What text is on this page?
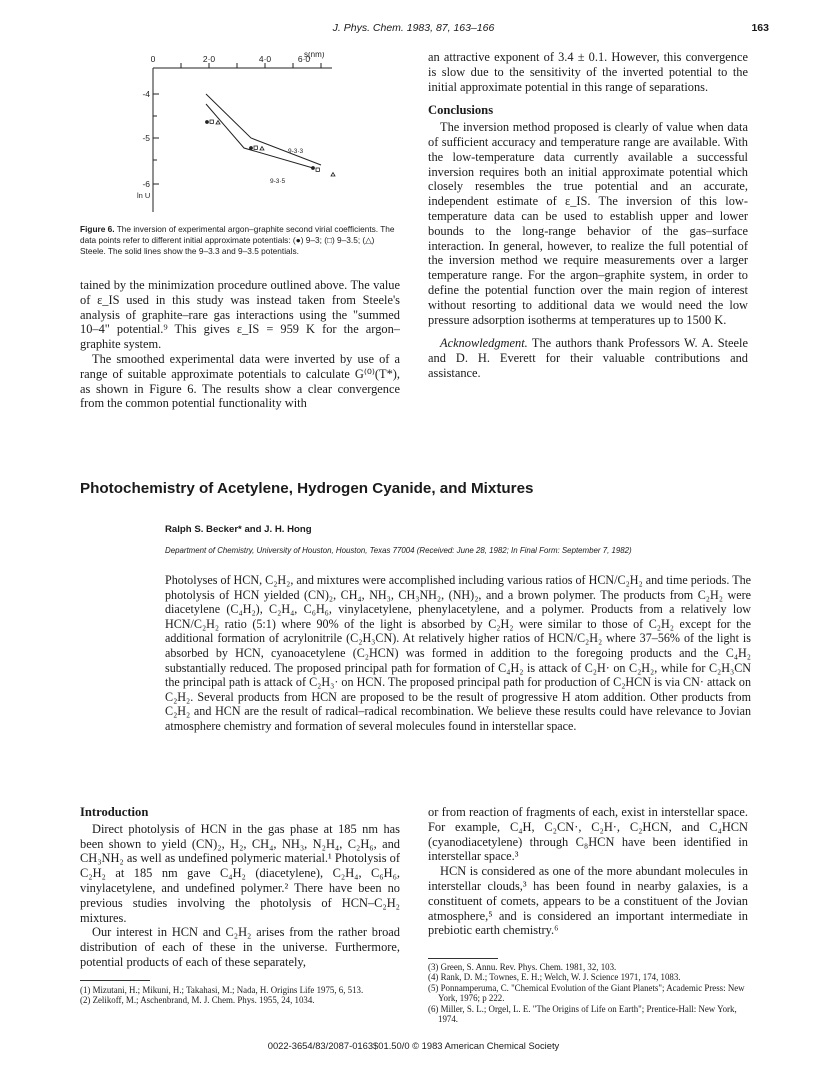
J. Phys. Chem. 1983, 87, 163–166	163
0	2·0	4·0	6·0
s(nm)
-4
-5
-6
ln U
9-3·3
9-3·5
Figure 6. The inversion of experimental argon–graphite second virial coefficients. The data points refer to different initial approximate potentials: (●) 9–3; (□) 9–3.5; (△) Steele. The solid lines show the 9–3.3 and 9–3.5 potentials.

tained by the minimization procedure outlined above. The value of ε_IS used in this study was instead taken from Steele's analysis of graphite–rare gas interactions using the "summed 10–4" potential.⁹ This gives ε_IS = 959 K for the argon–graphite system.

The smoothed experimental data were inverted by use of a range of suitable approximate potentials to calculate G⁽⁰⁾(T*), as shown in Figure 6. The results show a clear convergence from the common potential functionality with

an attractive exponent of 3.4 ± 0.1. However, this convergence is slow due to the sensitivity of the inverted potential to the initial approximate potential in this range of separations.

Conclusions

The inversion method proposed is clearly of value when data of sufficient accuracy and temperature range are available. With the low-temperature data currently available a successful inversion requires both an initial approximate potential which closely resembles the true potential and an accurate, independent estimate of ε_IS. The inversion of this low-temperature data can be used to establish upper and lower bounds to the long-range behavior of the gas–surface interaction. In general, however, to realize the full potential of the inversion method we require measurements over a larger temperature range. For the argon–graphite system, in order to define the potential function over the main region of interest without resorting to additional data we would need the low pressure adsorption isotherms at temperatures up to 1500 K.

Acknowledgment. The authors thank Professors W. A. Steele and D. H. Everett for their valuable contributions and assistance.

Photochemistry of Acetylene, Hydrogen Cyanide, and Mixtures
Ralph S. Becker* and J. H. Hong
Department of Chemistry, University of Houston, Houston, Texas 77004 (Received: June 28, 1982; In Final Form: September 7, 1982)
Photolyses of HCN, C₂H₂, and mixtures were accomplished including various ratios of HCN/C₂H₂ and time periods. The photolysis of HCN yielded (CN)₂, CH₄, NH₃, CH₃NH₂, (NH)₂, and a brown polymer. The products from C₂H₂ were diacetylene (C₄H₂), C₂H₄, C₆H₆, vinylacetylene, phenylacetylene, and a polymer. Products from a relatively low HCN/C₂H₂ ratio (5:1) where 90% of the light is absorbed by C₂H₂ were similar to those of C₂H₂ except for the additional formation of acrylonitrile (C₂H₃CN). At relatively higher ratios of HCN/C₂H₂ where 37–56% of the light is absorbed by HCN, cyanoacetylene (C₂HCN) was formed in addition to the foregoing products and the C₄H₂ substantially reduced. The proposed principal path for formation of C₄H₂ is attack of C₂H· on C₂H₂, while for C₂H₃CN the principal path is attack of C₂H₃· on HCN. The proposed principal path for production of C₂HCN is via CN· attack on C₂H₂. Several products from HCN are proposed to be the result of progressive H atom addition. Other products from C₂H₂ and HCN are the result of radical–radical recombination. We believe these results could have relevance to Jovian atmosphere chemistry and formation of several molecules found in interstellar space.
Introduction

Direct photolysis of HCN in the gas phase at 185 nm has been shown to yield (CN)₂, H₂, CH₄, NH₃, N₂H₄, C₂H₆, and CH₃NH₂ as well as undefined polymeric material.¹ Photolysis of C₂H₂ at 185 nm gave C₄H₂ (diacetylene), C₂H₄, C₆H₆, vinylacetylene, and undefined polymer.² There have been no previous studies involving the photolysis of HCN–C₂H₂ mixtures.

Our interest in HCN and C₂H₂ arises from the rather broad distribution of each of these in the universe. Furthermore, potential products of each of these separately,

or from reaction of fragments of each, exist in interstellar space. For example, C₄H, C₂CN·, C₂H·, C₂HCN, and C₄HCN (cyanodiacetylene) through C₈HCN have been identified in interstellar space.³

HCN is considered as one of the more abundant molecules in interstellar clouds,³ has been found in nearby galaxies, is a constituent of comets, appears to be a constituent of the Jovian atmosphere,⁵ and is considered an important intermediate in prebiotic earth chemistry.⁶

(1) Mizutani, H.; Mikuni, H.; Takahasi, M.; Nada, H. Origins Life 1975, 6, 513.
(2) Zelikoff, M.; Aschenbrand, M. J. Chem. Phys. 1955, 24, 1034.
(3) Green, S. Annu. Rev. Phys. Chem. 1981, 32, 103.
(4) Rank, D. M.; Townes, E. H.; Welch, W. J. Science 1971, 174, 1083.
(5) Ponnamperuma, C. "Chemical Evolution of the Giant Planets"; Academic Press: New York, 1976; p 222.
(6) Miller, S. L.; Orgel, L. E. "The Origins of Life on Earth"; Prentice-Hall: New York, 1974.
0022-3654/83/2087-0163$01.50/0 © 1983 American Chemical Society
